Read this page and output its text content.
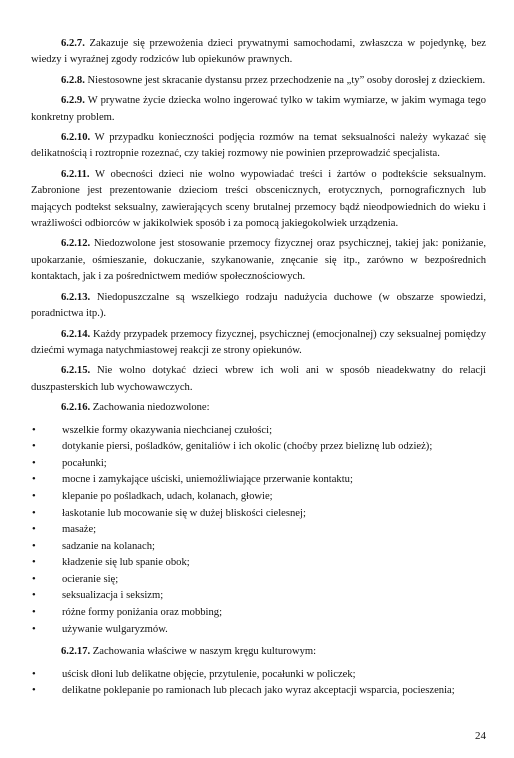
6.2.7. Zakazuje się przewożenia dzieci prywatnymi samochodami, zwłaszcza w pojedynkę, bez wiedzy i wyraźnej zgody rodziców lub opiekunów prawnych.

6.2.8. Niestosowne jest skracanie dystansu przez przechodzenie na „ty” osoby dorosłej z dzieckiem.

6.2.9. W prywatne życie dziecka wolno ingerować tylko w takim wymiarze, w jakim wymaga tego konkretny problem.

6.2.10. W przypadku konieczności podjęcia rozmów na temat seksualności należy wykazać się delikatnością i roztropnie rozeznać, czy takiej rozmowy nie powinien przeprowadzić specjalista.

6.2.11. W obecności dzieci nie wolno wypowiadać treści i żartów o podtekście seksualnym. Zabronione jest prezentowanie dzieciom treści obscenicznych, erotycznych, pornograficznych lub mających podtekst seksualny, zawierających sceny brutalnej przemocy bądź nieodpowiednich do wieku i wrażliwości odbiorców w jakikolwiek sposób i za pomocą jakiegokolwiek urządzenia.

6.2.12. Niedozwolone jest stosowanie przemocy fizycznej oraz psychicznej, takiej jak: poniżanie, upokarzanie, ośmieszanie, dokuczanie, szykanowanie, znęcanie się itp., zarówno w bezpośrednich kontaktach, jak i za pośrednictwem mediów społecznościowych.

6.2.13. Niedopuszczalne są wszelkiego rodzaju nadużycia duchowe (w obszarze spowiedzi, poradnictwa itp.).

6.2.14. Każdy przypadek przemocy fizycznej, psychicznej (emocjonalnej) czy seksualnej pomiędzy dziećmi wymaga natychmiastowej reakcji ze strony opiekunów.

6.2.15. Nie wolno dotykać dzieci wbrew ich woli ani w sposób nieadekwatny do relacji duszpasterskich lub wychowawczych.

6.2.16. Zachowania niedozwolone:

• wszelkie formy okazywania niechcianej czułości;
• dotykanie piersi, pośladków, genitaliów i ich okolic (choćby przez bieliznę lub odzież);
• pocałunki;
• mocne i zamykające uściski, uniemożliwiające przerwanie kontaktu;
• klepanie po pośladkach, udach, kolanach, głowie;
• łaskotanie lub mocowanie się w dużej bliskości cielesnej;
• masaże;
• sadzanie na kolanach;
• kładzenie się lub spanie obok;
• ocieranie się;
• seksualizacja i seksizm;
• różne formy poniżania oraz mobbing;
• używanie wulgaryzmów.

6.2.17. Zachowania właściwe w naszym kręgu kulturowym:

• uścisk dłoni lub delikatne objęcie, przytulenie, pocałunki w policzek;
• delikatne poklepanie po ramionach lub plecach jako wyraz akceptacji wsparcia, pocieszenia;
24
